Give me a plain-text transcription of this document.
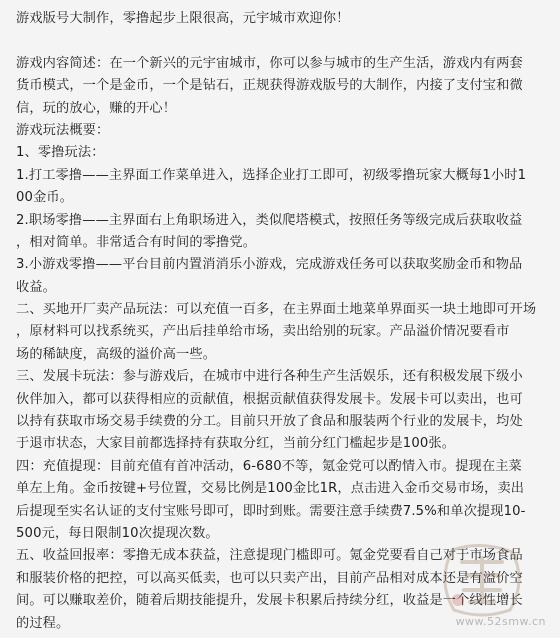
游戏版号大制作，零撸起步上限很高，元宇城市欢迎你！
游戏内容简述：在一个新兴的元宇宙城市，你可以参与城市的生产生活，游戏内有两套
货币模式，一个是金币，一个是钻石，正规获得游戏版号的大制作，内接了支付宝和微
信，玩的放心，赚的开心！
游戏玩法概要：
1、零撸玩法：
1.打工零撸——主界面工作菜单进入，选择企业打工即可，初级零撸玩家大概每1小时1
00金币。
2.职场零撸——主界面右上角职场进入，类似爬塔模式，按照任务等级完成后获取收益
，相对简单。非常适合有时间的零撸党。
3.小游戏零撸——平台目前内置消消乐小游戏，完成游戏任务可以获取奖励金币和物品
收益。
二、买地开厂卖产品玩法：可以充值一百多，在主界面土地菜单界面买一块土地即可开场
，原材料可以找系统买，产出后挂单给市场，卖出给别的玩家。产品溢价情况要看市
场的稀缺度，高级的溢价高一些。
三、发展卡玩法：参与游戏后，在城市中进行各种生产生活娱乐，还有积极发展下级小
伙伴加入，都可以获得相应的贡献值，根据贡献值获得发展卡。发展卡可以卖出，也可
以持有获取市场交易手续费的分工。目前只开放了食品和服装两个行业的发展卡，均处
于退市状态，大家目前都选择持有获取分红，当前分红门槛起步是100张。
四：充值提现：目前充值有首冲活动，6-680不等，氪金党可以酌情入市。提现在主菜
单左上角。金币按键+号位置，交易比例是100金比1R，点击进入金币交易市场，卖出
后提现至实名认证的支付宝账号即可，即时到账。需要注意手续费7.5%和单次提现10-
500元，每日限制10次提现次数。
五、收益回报率：零撸无成本获益，注意提现门槛即可。氪金党要看自己对于市场食品
和服装价格的把控，可以高买低卖，也可以只卖产出，目前产品相对成本还是有溢价空
间。可以赚取差价，随着后期技能提升，发展卡积累后持续分红，收益是一个线性增长
的过程。	www.52smw.cn
